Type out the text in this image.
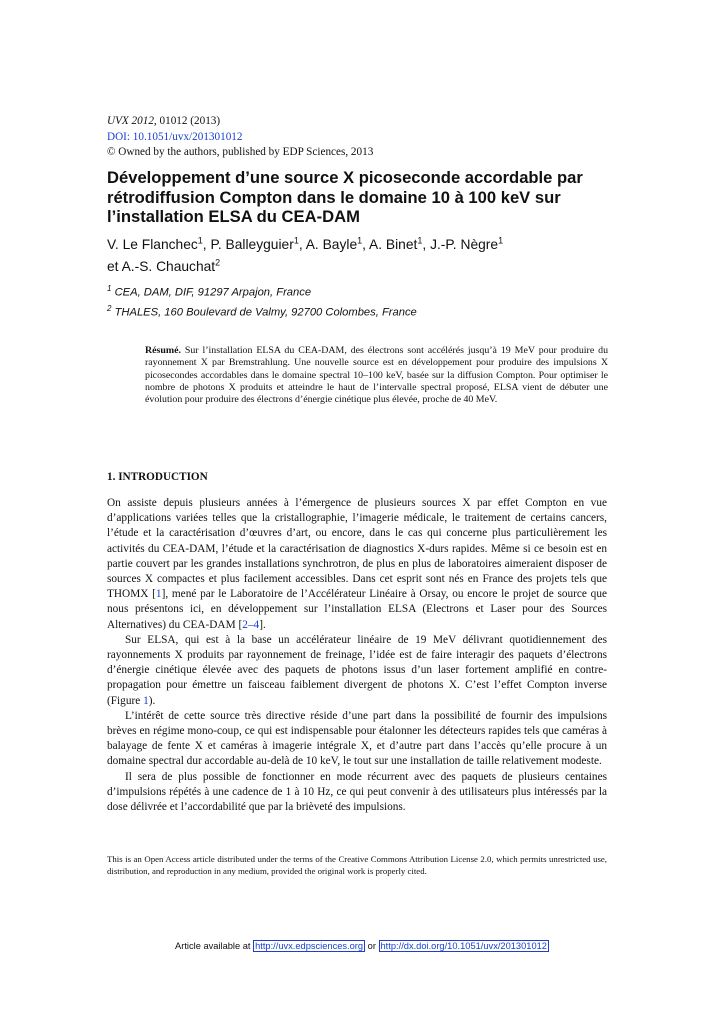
UVX 2012, 01012 (2013)
DOI: 10.1051/uvx/201301012
© Owned by the authors, published by EDP Sciences, 2013
Développement d’une source X picoseconde accordable par rétrodiffusion Compton dans le domaine 10 à 100 keV sur l’installation ELSA du CEA-DAM
V. Le Flanchec$^1$, P. Balleyguier$^1$, A. Bayle$^1$, A. Binet$^1$, J.-P. Nègre$^1$
et A.-S. Chauchat$^2$
$^1$ CEA, DAM, DIF, 91297 Arpajon, France
$^2$ THALES, 160 Boulevard de Valmy, 92700 Colombes, France
Résumé. Sur l’installation ELSA du CEA-DAM, des électrons sont accélérés jusqu’à 19 MeV pour produire du rayonnement X par Bremstrahlung. Une nouvelle source est en développement pour produire des impulsions X picosecondes accordables dans le domaine spectral 10–100 keV, basée sur la diffusion Compton. Pour optimiser le nombre de photons X produits et atteindre le haut de l’intervalle spectral proposé, ELSA vient de débuter une évolution pour produire des électrons d’énergie cinétique plus élevée, proche de 40 MeV.
1. INTRODUCTION

On assiste depuis plusieurs années à l’émergence de plusieurs sources X par effet Compton en vue d’applications variées telles que la cristallographie, l’imagerie médicale, le traitement de certains cancers, l’étude et la caractérisation d’œuvres d’art, ou encore, dans le cas qui concerne plus particulièrement les activités du CEA-DAM, l’étude et la caractérisation de diagnostics X-durs rapides. Même si ce besoin est en partie couvert par les grandes installations synchrotron, de plus en plus de laboratoires aimeraient disposer de sources X compactes et plus facilement accessibles. Dans cet esprit sont nés en France des projets tels que THOMX [1], mené par le Laboratoire de l’Accélérateur Linéaire à Orsay, ou encore le projet de source que nous présentons ici, en développement sur l’installation ELSA (Electrons et Laser pour des Sources Alternatives) du CEA-DAM [2–4].

Sur ELSA, qui est à la base un accélérateur linéaire de 19 MeV délivrant quotidiennement des rayonnements X produits par rayonnement de freinage, l’idée est de faire interagir des paquets d’électrons d’énergie cinétique élevée avec des paquets de photons issus d’un laser fortement amplifié en contre-propagation pour émettre un faisceau faiblement divergent de photons X. C’est l’effet Compton inverse (Figure 1).

L’intérêt de cette source très directive réside d’une part dans la possibilité de fournir des impulsions brèves en régime mono-coup, ce qui est indispensable pour étalonner les détecteurs rapides tels que caméras à balayage de fente X et caméras à imagerie intégrale X, et d’autre part dans l’accès qu’elle procure à un domaine spectral dur accordable au-delà de 10 keV, le tout sur une installation de taille relativement modeste.

Il sera de plus possible de fonctionner en mode récurrent avec des paquets de plusieurs centaines d’impulsions répétés à une cadence de 1 à 10 Hz, ce qui peut convenir à des utilisateurs plus intéressés par la dose délivrée et l’accordabilité que par la brièveté des impulsions.

This is an Open Access article distributed under the terms of the Creative Commons Attribution License 2.0, which permits unrestricted use, distribution, and reproduction in any medium, provided the original work is properly cited.
Article available at http://uvx.edpsciences.org or http://dx.doi.org/10.1051/uvx/201301012
